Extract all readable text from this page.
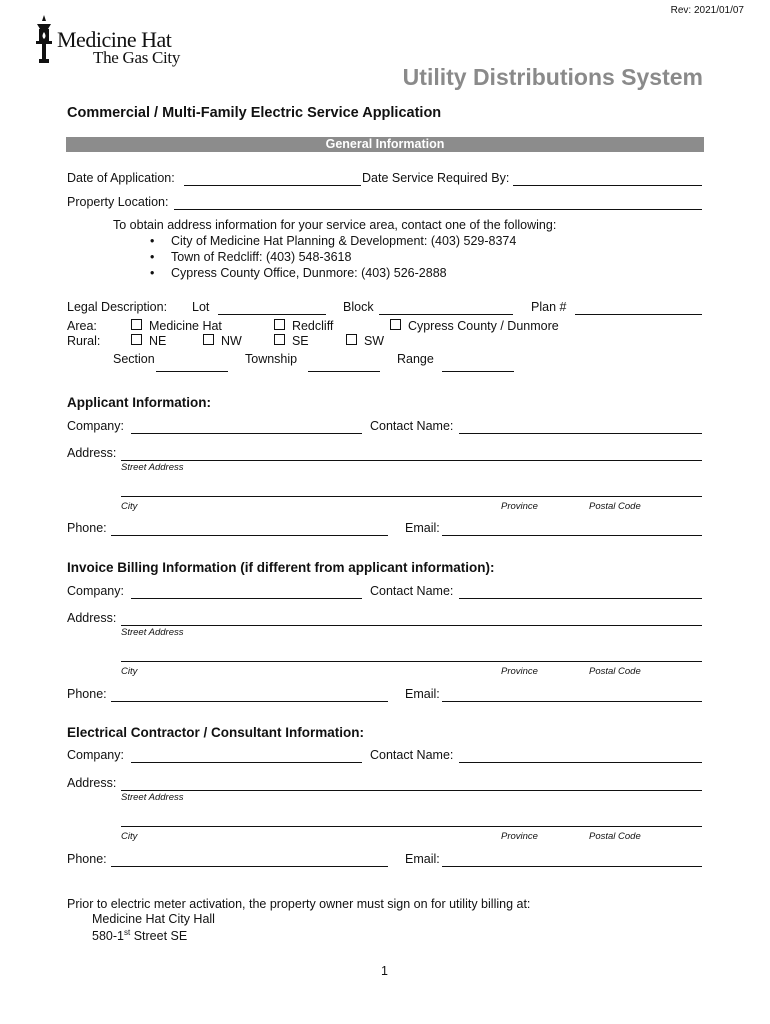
Rev: 2021/01/07
Medicine Hat
The Gas City
Utility Distributions System
Commercial / Multi-Family Electric Service Application
General Information
Date of Application:	Date Service Required By:
Property Location:
To obtain address information for your service area, contact one of the following:
• City of Medicine Hat Planning & Development: (403) 529-8374
• Town of Redcliff: (403) 548-3618
• Cypress County Office, Dunmore: (403) 526-2888
Legal Description: Lot	Block	Plan #
Area:	Medicine Hat	Redcliff	Cypress County / Dunmore
Rural:	NE	NW	SE	SW
Section	Township	Range
Applicant Information:
Company:	Contact Name:
Address:
Street Address
City	Province	Postal Code
Phone:	Email:
Invoice Billing Information (if different from applicant information):
Company:	Contact Name:
Address:
Street Address
City	Province	Postal Code
Phone:	Email:
Electrical Contractor / Consultant Information:
Company:	Contact Name:
Address:
Street Address
City	Province	Postal Code
Phone:	Email:
Prior to electric meter activation, the property owner must sign on for utility billing at:
Medicine Hat City Hall
580-1st Street SE
1
